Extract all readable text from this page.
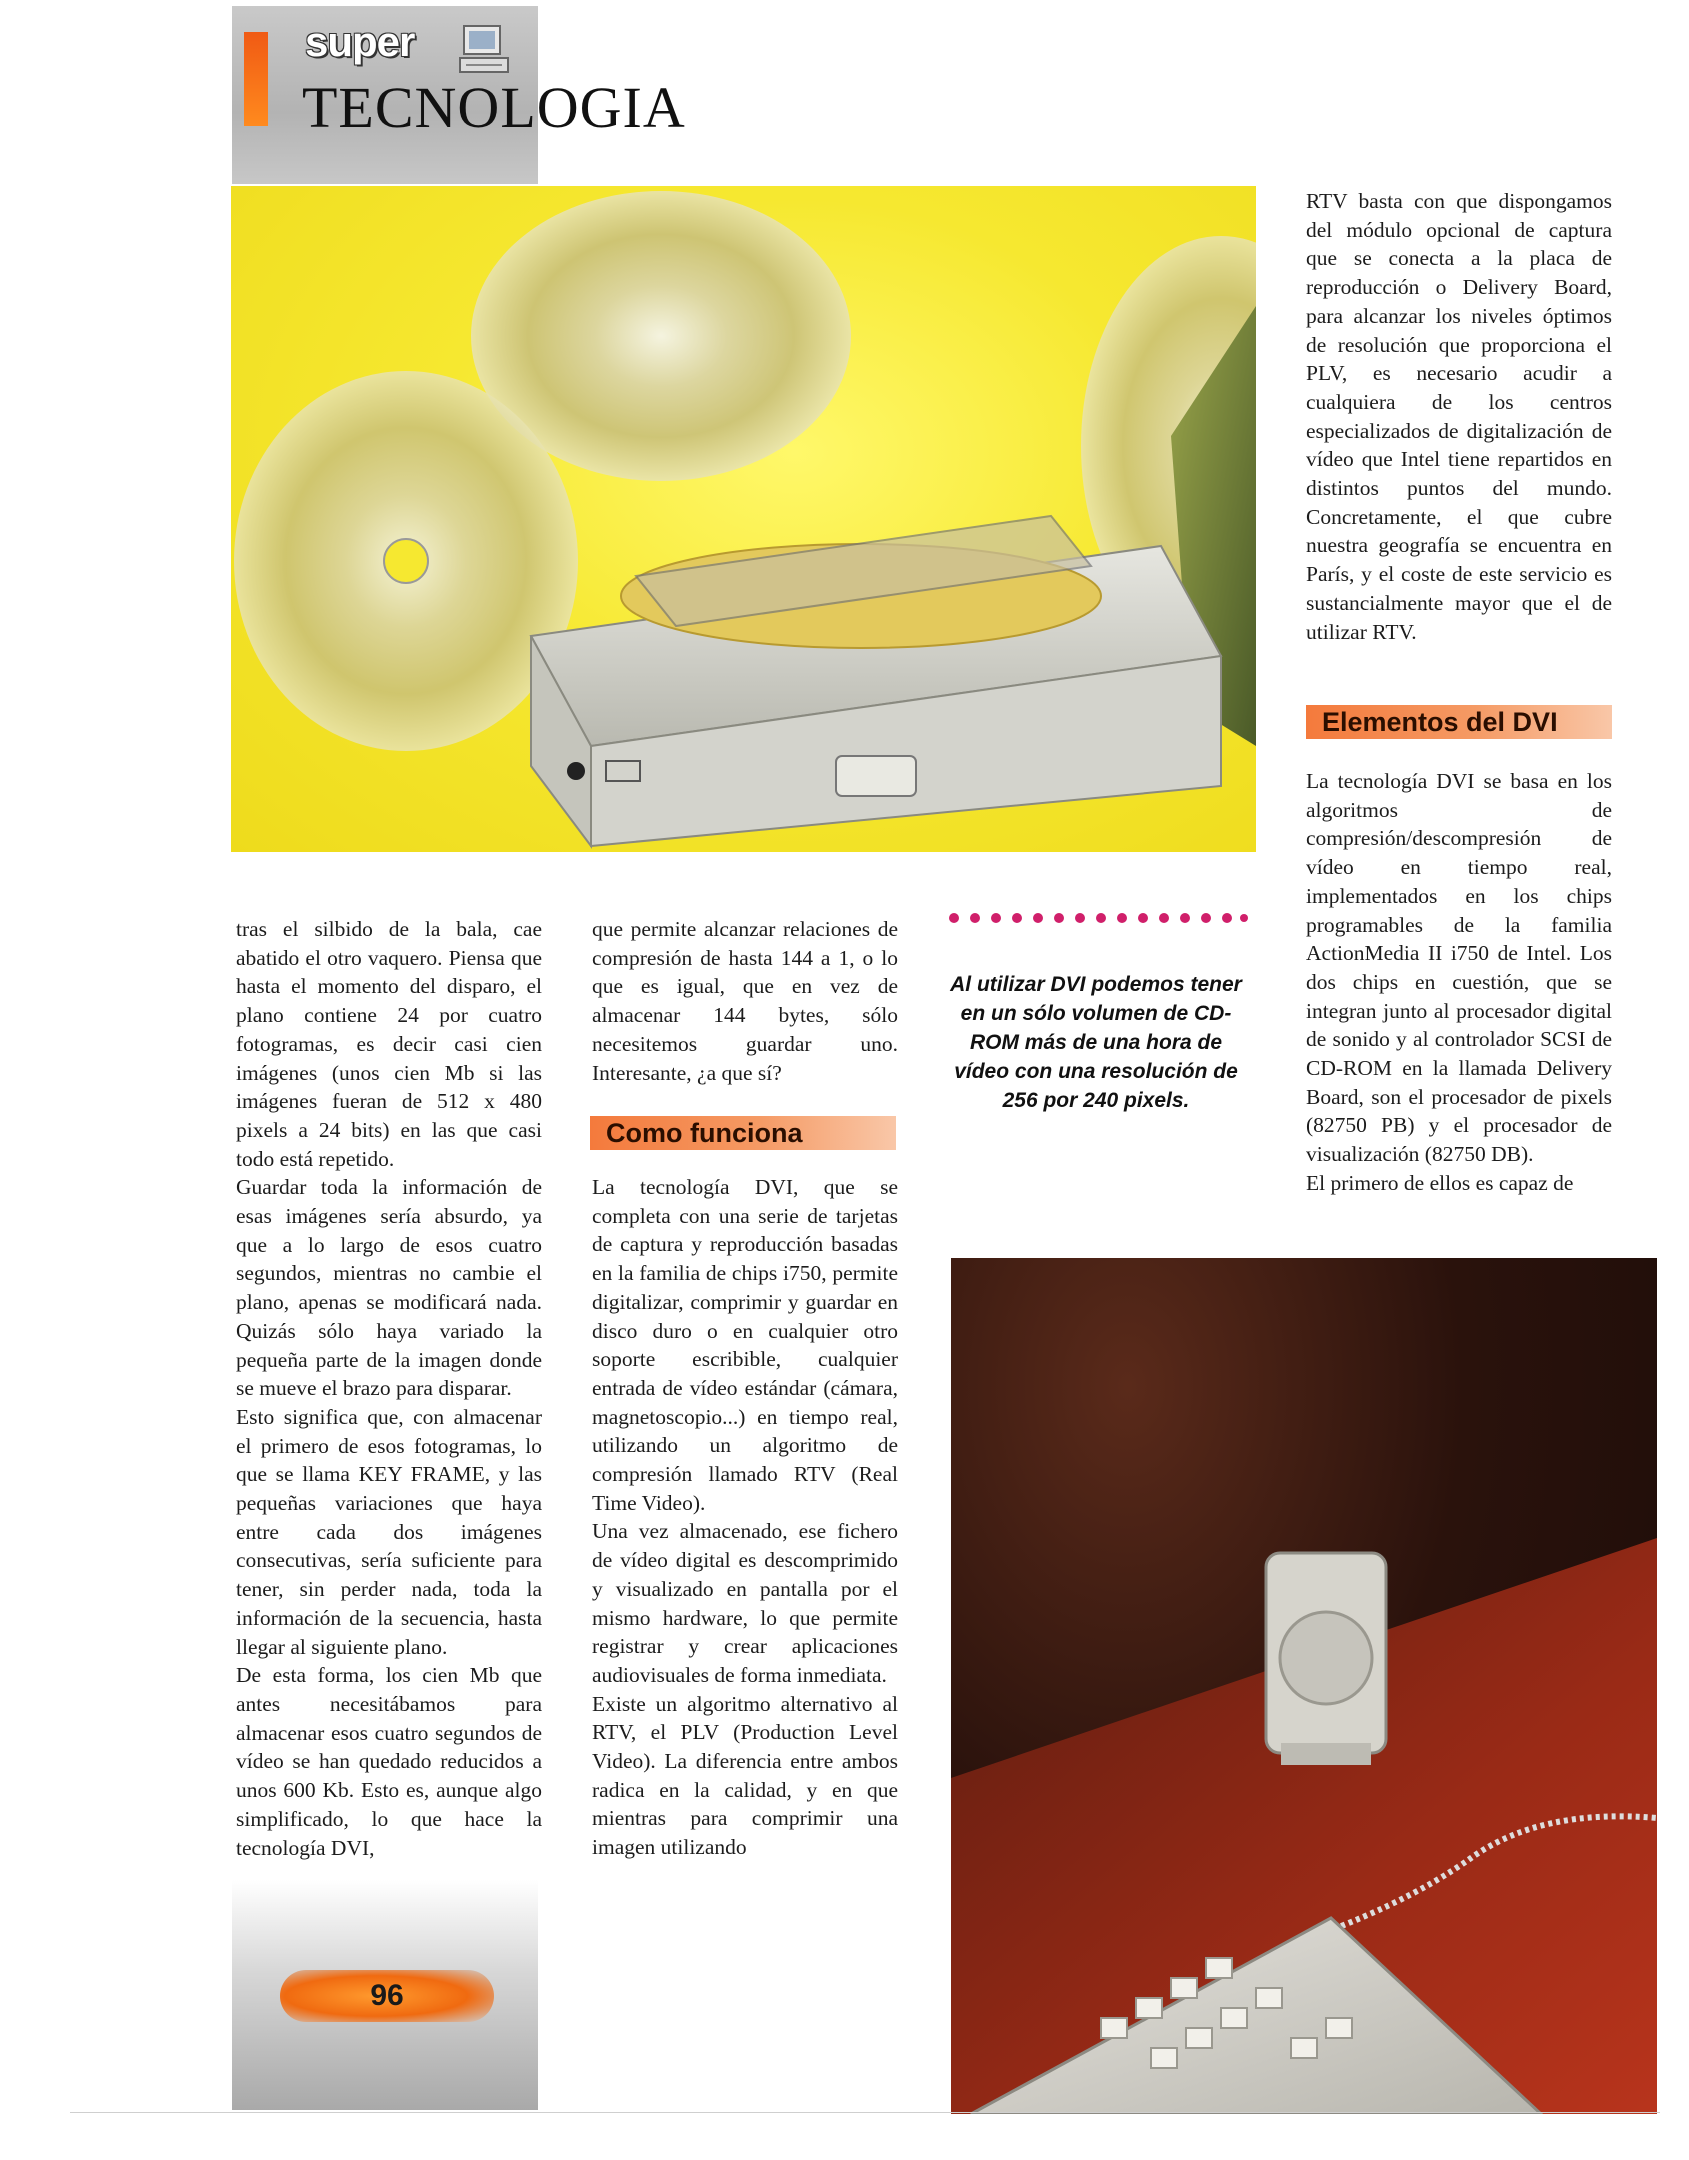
super
TECNOLOGIA

tras el silbido de la bala, cae abatido el otro vaquero. Piensa que hasta el momento del disparo, el plano contiene 24 por cuatro fotogramas, es decir casi cien imágenes (unos cien Mb si las imágenes fueran de 512 x 480 pixels a 24 bits) en las que casi todo está repetido.

Guardar toda la información de esas imágenes sería absurdo, ya que a lo largo de esos cuatro segundos, mientras no cambie el plano, apenas se modificará nada. Quizás sólo haya variado la pequeña parte de la imagen donde se mueve el brazo para disparar.

Esto significa que, con almacenar el primero de esos fotogramas, lo que se llama KEY FRAME, y las pequeñas variaciones que haya entre cada dos imágenes consecutivas, sería suficiente para tener, sin perder nada, toda la información de la secuencia, hasta llegar al siguiente plano.

De esta forma, los cien Mb que antes necesitábamos para almacenar esos cuatro segundos de vídeo se han quedado reducidos a unos 600 Kb. Esto es, aunque algo simplificado, lo que hace la tecnología DVI,

que permite alcanzar relaciones de compresión de hasta 144 a 1, o lo que es igual, que en vez de almacenar 144 bytes, sólo necesitemos guardar uno. Interesante, ¿a que sí?

Como funciona

La tecnología DVI, que se completa con una serie de tarjetas de captura y reproducción basadas en la familia de chips i750, permite digitalizar, comprimir y guardar en disco duro o en cualquier otro soporte escribible, cualquier entrada de vídeo estándar (cámara, magnetoscopio...) en tiempo real, utilizando un algoritmo de compresión llamado RTV (Real Time Video).

Una vez almacenado, ese fichero de vídeo digital es descomprimido y visualizado en pantalla por el mismo hardware, lo que permite registrar y crear aplicaciones audiovisuales de forma inmediata.

Existe un algoritmo alternativo al RTV, el PLV (Production Level Video). La diferencia entre ambos radica en la calidad, y en que mientras para comprimir una imagen utilizando

Al utilizar DVI podemos tener en un sólo volumen de CD-ROM más de una hora de vídeo con una resolución de 256 por 240 pixels.

RTV basta con que dispongamos del módulo opcional de captura que se conecta a la placa de reproducción o Delivery Board, para alcanzar los niveles óptimos de resolución que proporciona el PLV, es necesario acudir a cualquiera de los centros especializados de digitalización de vídeo que Intel tiene repartidos en distintos puntos del mundo. Concretamente, el que cubre nuestra geografía se encuentra en París, y el coste de este servicio es sustancialmente mayor que el de utilizar RTV.

Elementos del DVI

La tecnología DVI se basa en los algoritmos de compresión/descompresión de vídeo en tiempo real, implementados en los chips programables de la familia ActionMedia II i750 de Intel. Los dos chips en cuestión, que se integran junto al procesador digital de sonido y al controlador SCSI de CD-ROM en la llamada Delivery Board, son el procesador de pixels (82750 PB) y el procesador de visualización (82750 DB).

El primero de ellos es capaz de

96
